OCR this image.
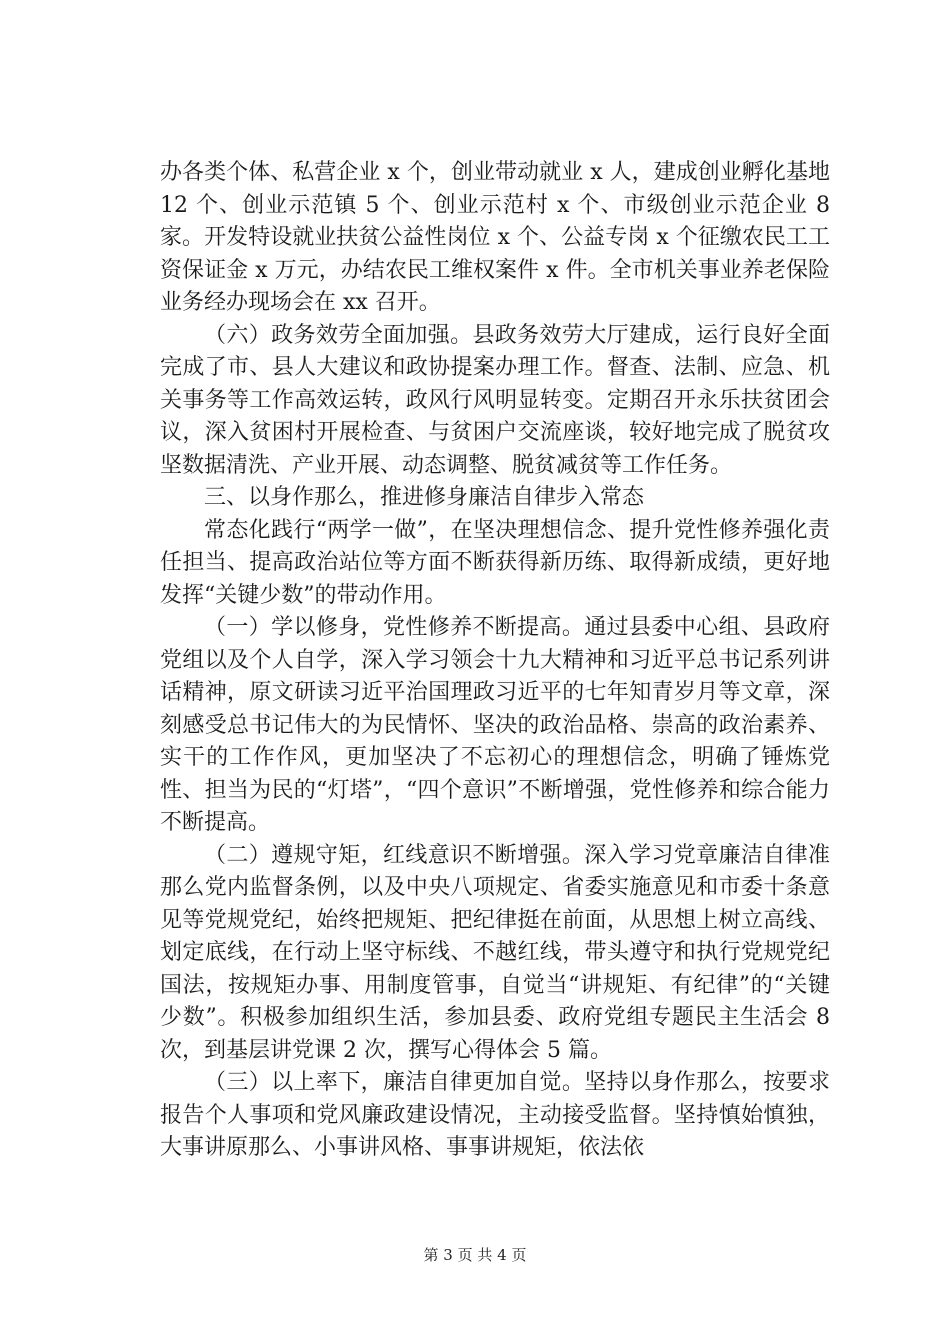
办各类个体、私营企业 x 个，创业带动就业 x 人，建成创业孵化基地 12 个、创业示范镇 5 个、创业示范村 x 个、市级创业示范企业 8 家。开发特设就业扶贫公益性岗位 x 个、公益专岗 x 个征缴农民工工资保证金 x 万元，办结农民工维权案件 x 件。全市机关事业养老保险业务经办现场会在 xx 召开。

（六）政务效劳全面加强。县政务效劳大厅建成，运行良好全面完成了市、县人大建议和政协提案办理工作。督查、法制、应急、机关事务等工作高效运转，政风行风明显转变。定期召开永乐扶贫团会议，深入贫困村开展检查、与贫困户交流座谈，较好地完成了脱贫攻坚数据清洗、产业开展、动态调整、脱贫减贫等工作任务。

三、以身作那么，推进修身廉洁自律步入常态

常态化践行“两学一做”，在坚决理想信念、提升党性修养强化责任担当、提高政治站位等方面不断获得新历练、取得新成绩，更好地发挥“关键少数”的带动作用。

（一）学以修身，党性修养不断提高。通过县委中心组、县政府党组以及个人自学，深入学习领会十九大精神和习近平总书记系列讲话精神，原文研读习近平治国理政习近平的七年知青岁月等文章，深刻感受总书记伟大的为民情怀、坚决的政治品格、崇高的政治素养、实干的工作作风，更加坚决了不忘初心的理想信念，明确了锤炼党性、担当为民的“灯塔”，“四个意识”不断增强，党性修养和综合能力不断提高。

（二）遵规守矩，红线意识不断增强。深入学习党章廉洁自律准那么党内监督条例，以及中央八项规定、省委实施意见和市委十条意见等党规党纪，始终把规矩、把纪律挺在前面，从思想上树立高线、划定底线，在行动上坚守标线、不越红线，带头遵守和执行党规党纪国法，按规矩办事、用制度管事，自觉当“讲规矩、有纪律”的“关键少数”。积极参加组织生活，参加县委、政府党组专题民主生活会 8 次，到基层讲党课 2 次，撰写心得体会 5 篇。

（三）以上率下，廉洁自律更加自觉。坚持以身作那么，按要求报告个人事项和党风廉政建设情况，主动接受监督。坚持慎始慎独，大事讲原那么、小事讲风格、事事讲规矩，依法依

第 3 页 共 4 页
